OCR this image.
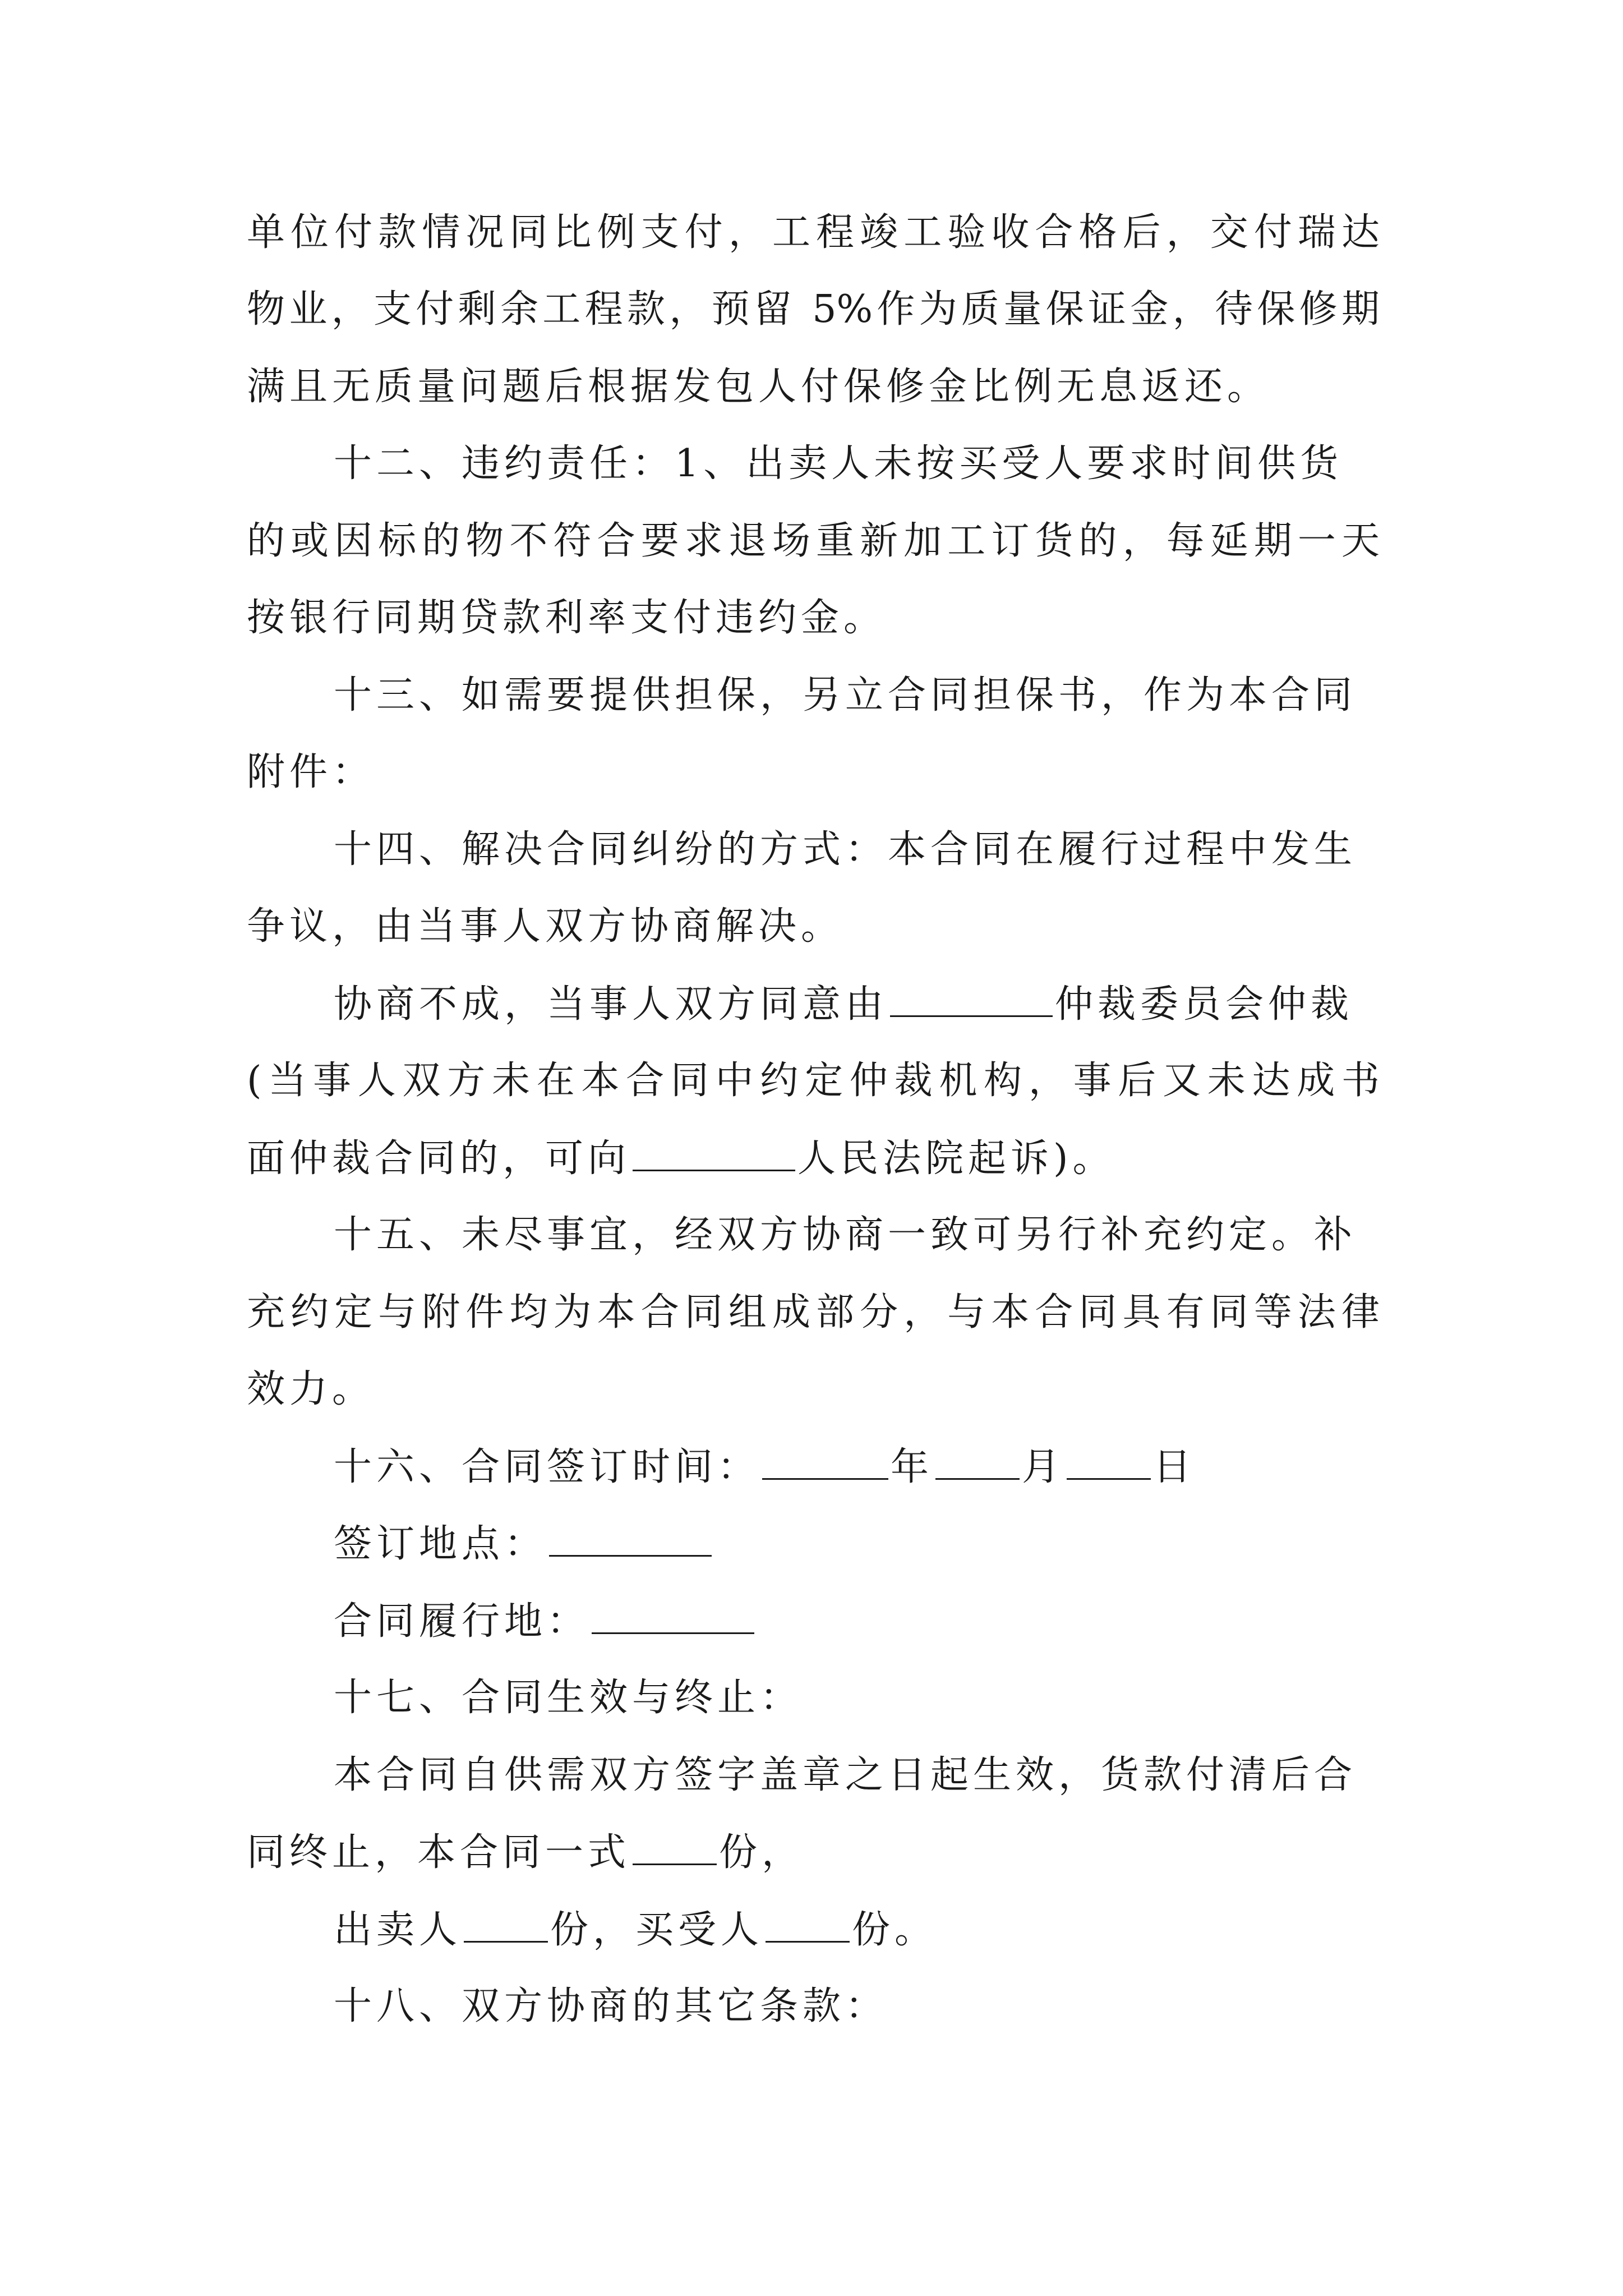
单位付款情况同比例支付，工程竣工验收合格后，交付瑞达
物业，支付剩余工程款，预留 5%作为质量保证金，待保修期
满且无质量问题后根据发包人付保修金比例无息返还。
十二、违约责任：1、出卖人未按买受人要求时间供货
的或因标的物不符合要求退场重新加工订货的，每延期一天
按银行同期贷款利率支付违约金。
十三、如需要提供担保，另立合同担保书，作为本合同
附件：
十四、解决合同纠纷的方式：本合同在履行过程中发生
争议，由当事人双方协商解决。
协商不成，当事人双方同意由	仲裁委员会仲裁
(当事人双方未在本合同中约定仲裁机构，事后又未达成书
面仲裁合同的，可向	人民法院起诉)。
十五、未尽事宜，经双方协商一致可另行补充约定。补
充约定与附件均为本合同组成部分，与本合同具有同等法律
效力。
十六、合同签订时间：	年 月 日
签订地点：
合同履行地：
十七、合同生效与终止：
本合同自供需双方签字盖章之日起生效，货款付清后合
同终止，本合同一式 份，
出卖人 份，买受人 份。
十八、双方协商的其它条款：
